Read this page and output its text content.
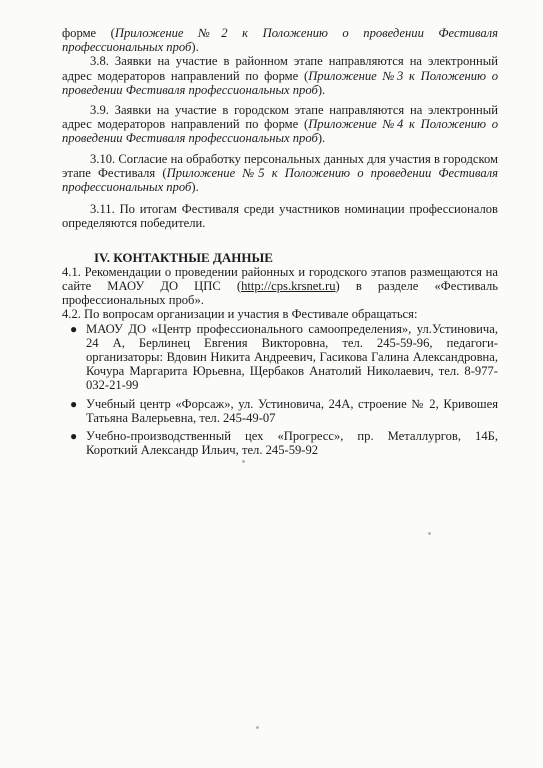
форме (Приложение №2 к Положению о проведении Фестиваля профессиональных проб).

3.8. Заявки на участие в районном этапе направляются на электронный адрес модераторов направлений по форме (Приложение №3 к Положению о проведении Фестиваля профессиональных проб).

3.9. Заявки на участие в городском этапе направляются на электронный адрес модераторов направлений по форме (Приложение №4 к Положению о проведении Фестиваля профессиональных проб).

3.10. Согласие на обработку персональных данных для участия в городском этапе Фестиваля (Приложение №5 к Положению о проведении Фестиваля профессиональных проб).

3.11. По итогам Фестиваля среди участников номинации профессионалов определяются победители.

IV. КОНТАКТНЫЕ ДАННЫЕ

4.1. Рекомендации о проведении районных и городского этапов размещаются на сайте МАОУ ДО ЦПС (http://cps.krsnet.ru) в разделе «Фестиваль профессиональных проб».

4.2. По вопросам организации и участия в Фестивале обращаться:

● МАОУ ДО «Центр профессионального самоопределения», ул.Устиновича, 24 А, Берлинец Евгения Викторовна, тел. 245-59-96, педагоги-организаторы: Вдовин Никита Андреевич, Гасикова Галина Александровна, Кочура Маргарита Юрьевна, Щербаков Анатолий Николаевич, тел. 8-977-032-21-99
● Учебный центр «Форсаж», ул. Устиновича, 24А, строение № 2, Кривошея Татьяна Валерьевна, тел. 245-49-07
● Учебно-производственный цех «Прогресс», пр. Металлургов, 14Б, Короткий Александр Ильич, тел. 245-59-92
